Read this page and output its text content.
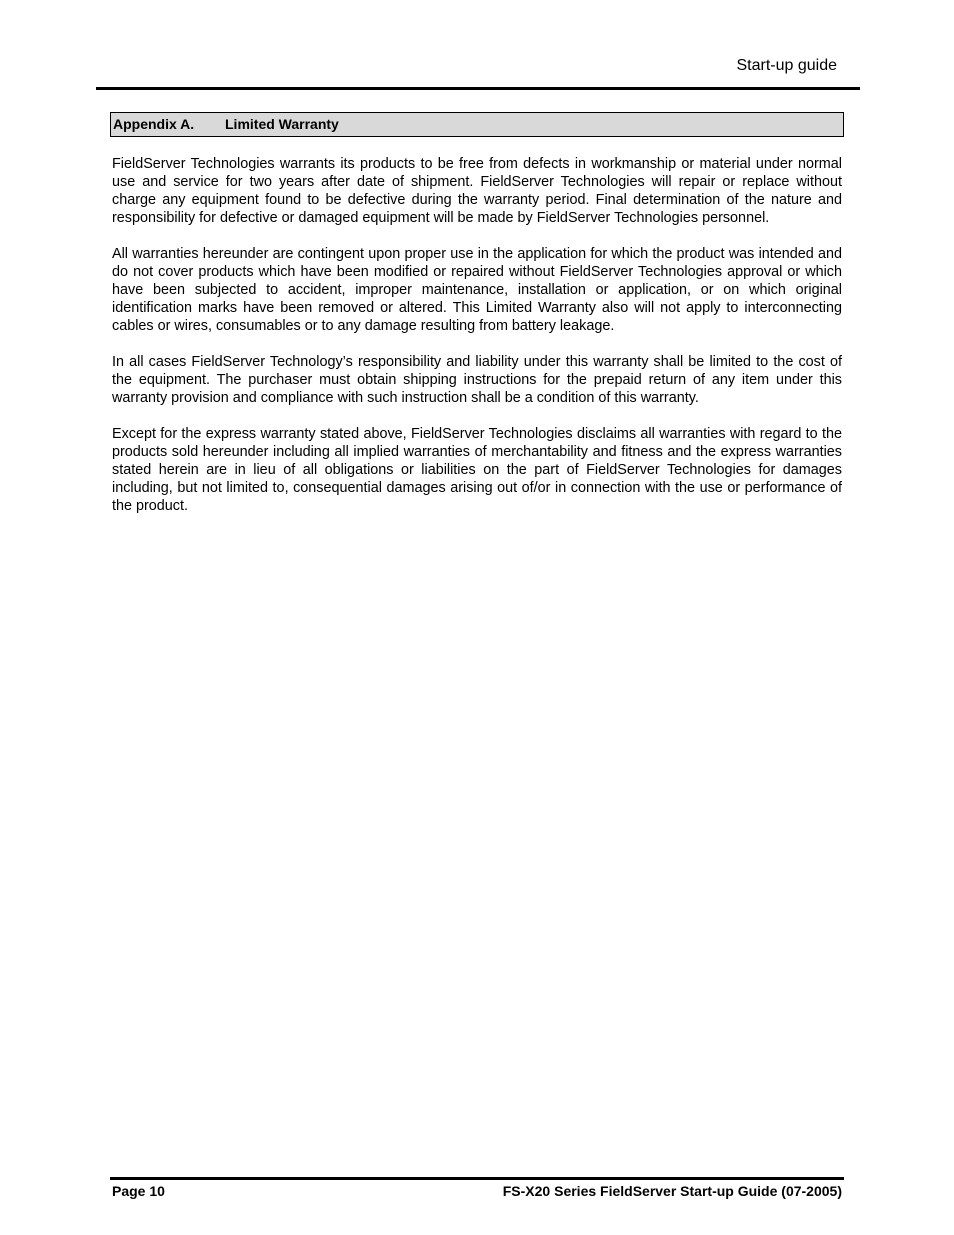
Start-up guide
Appendix A. Limited Warranty

FieldServer Technologies warrants its products to be free from defects in workmanship or material under normal use and service for two years after date of shipment. FieldServer Technologies will repair or replace without charge any equipment found to be defective during the warranty period. Final determination of the nature and responsibility for defective or damaged equipment will be made by FieldServer Technologies personnel.

All warranties hereunder are contingent upon proper use in the application for which the product was intended and do not cover products which have been modified or repaired without FieldServer Technologies approval or which have been subjected to accident, improper maintenance, installation or application, or on which original identification marks have been removed or altered. This Limited Warranty also will not apply to interconnecting cables or wires, consumables or to any damage resulting from battery leakage.

In all cases FieldServer Technology’s responsibility and liability under this warranty shall be limited to the cost of the equipment. The purchaser must obtain shipping instructions for the prepaid return of any item under this warranty provision and compliance with such instruction shall be a condition of this warranty.

Except for the express warranty stated above, FieldServer Technologies disclaims all warranties with regard to the products sold hereunder including all implied warranties of merchantability and fitness and the express warranties stated herein are in lieu of all obligations or liabilities on the part of FieldServer Technologies for damages including, but not limited to, consequential damages arising out of/or in connection with the use or performance of the product.

Page 10	FS-X20 Series FieldServer Start-up Guide (07-2005)
